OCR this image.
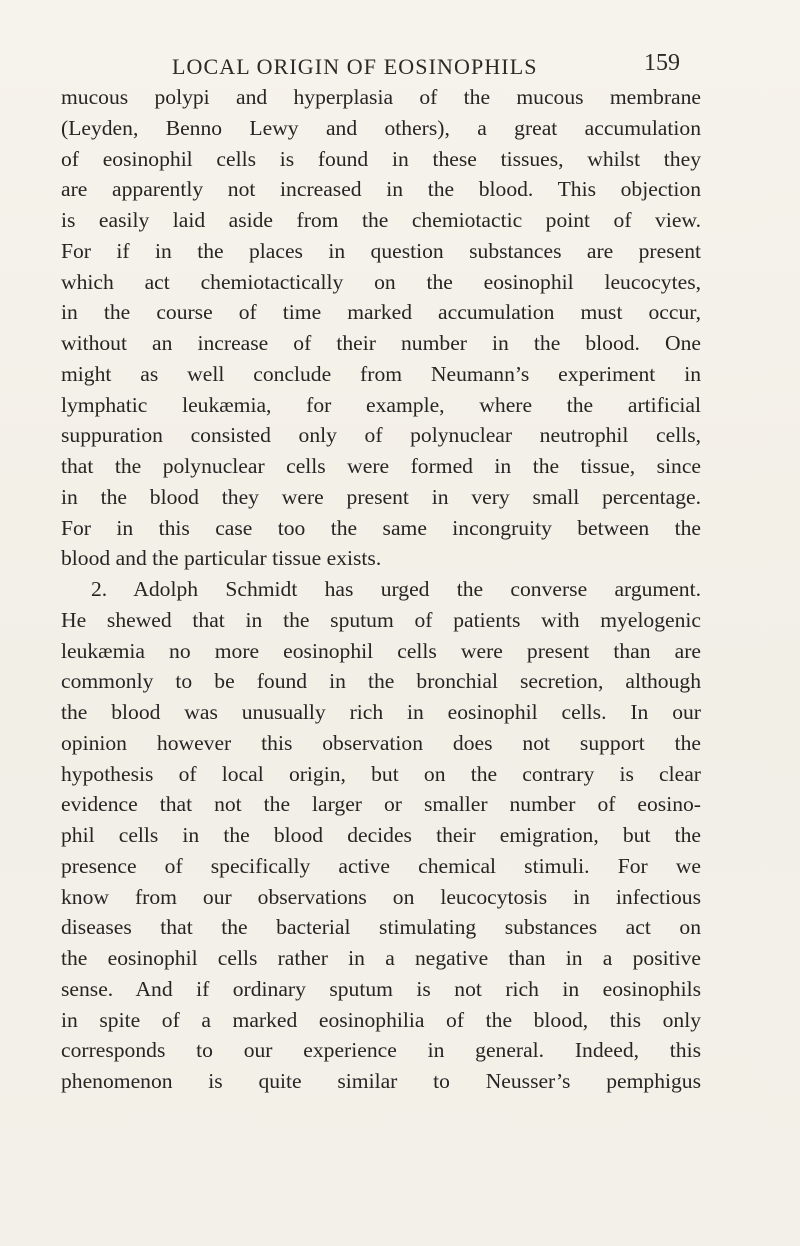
LOCAL ORIGIN OF EOSINOPHILS	159
mucous polypi and hyperplasia of the mucous membrane
(Leyden, Benno Lewy and others), a great accumulation
of eosinophil cells is found in these tissues, whilst they
are apparently not increased in the blood. This objection
is easily laid aside from the chemiotactic point of view.
For if in the places in question substances are present
which act chemiotactically on the eosinophil leucocytes,
in the course of time marked accumulation must occur,
without an increase of their number in the blood. One
might as well conclude from Neumann’s experiment in
lymphatic leukæmia, for example, where the artificial
suppuration consisted only of polynuclear neutrophil cells,
that the polynuclear cells were formed in the tissue, since
in the blood they were present in very small percentage.
For in this case too the same incongruity between the
blood and the particular tissue exists.
2. Adolph Schmidt has urged the converse argument.
He shewed that in the sputum of patients with myelogenic
leukæmia no more eosinophil cells were present than are
commonly to be found in the bronchial secretion, although
the blood was unusually rich in eosinophil cells. In our
opinion however this observation does not support the
hypothesis of local origin, but on the contrary is clear
evidence that not the larger or smaller number of eosino-
phil cells in the blood decides their emigration, but the
presence of specifically active chemical stimuli. For we
know from our observations on leucocytosis in infectious
diseases that the bacterial stimulating substances act on
the eosinophil cells rather in a negative than in a positive
sense. And if ordinary sputum is not rich in eosinophils
in spite of a marked eosinophilia of the blood, this only
corresponds to our experience in general. Indeed, this
phenomenon is quite similar to Neusser’s pemphigus
